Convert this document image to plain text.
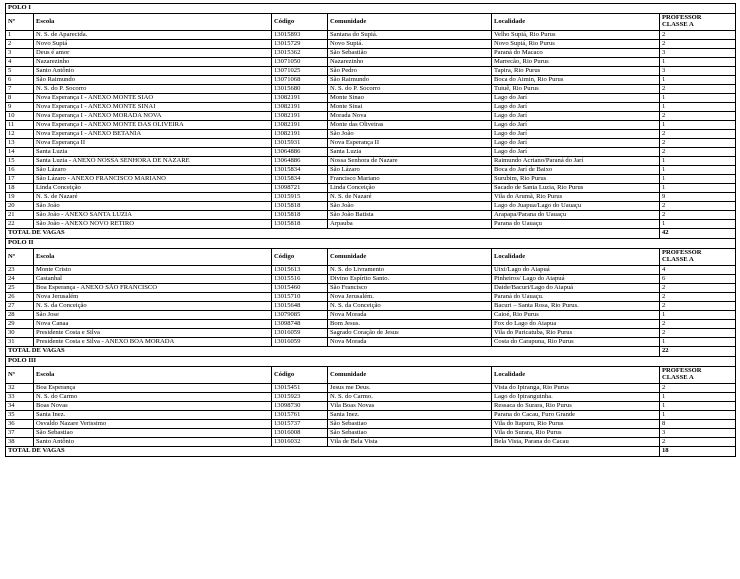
POLO I					
Nº	Escola	Código	Comunidade	Localidade	PROFESSOR
CLASSE A
1	N. S. de Aparecida.	13015893	Santana do Supiá.	Velho Supiá, Rio Purus	2
2	Novo Supiá	13015729	Novo Supiá.	Novo Supiá, Rio Purus	2
3	Deus é amor	13015362	São Sebastião	Paraná do Macaco	3
4	Nazarezinho	13071050	Nazarezinho	Marrecão, Rio Purus	1
5	Santo Antônio	13071025	São Pedro	Tapira, Rio Purus	3
6	São Raimundo	13071068	São Raimundo	Boca do Aimin, Rio Purus	1
7	N. S. do P. Socorro	13015680	N. S. do P. Socorro	Tuiuê, Rio Purus	2
8	Nova Esperança I - ANEXO MONTE SIAO	13082191	Monte Sinao	Lago do Jarí	1
9	Nova Esperança I - ANEXO MONTE SINAI	13082191	Monte Sinai	Lago do Jarí	1
10	Nova Esperança I - ANEXO MORADA NOVA	13082191	Morada Nova	Lago do Jarí	2
11	Nova Esperança I - ANEXO MONTE DAS OLIVEIRA	13082191	Monte das Oliveiras	Lago do Jarí	1
12	Nova Esperança I - ANEXO BETANIA	13082191	São João	Lago do Jarí	2
13	Nova Esperança II	13015931	Nova Esperança II	Lago do Jarí	2
14	Santa Luzia	13064886	Santa Luzia	Lago do Jarí	2
15	Santa Luzia - ANEXO NOSSA SENHORA DE NAZARE	13064886	Nossa Senhora de Nazare	Raimundo Acriano/Paraná do Jarí	1
16	São Lázaro	13015834	São Lázaro	Boca do Jarí de Baixo	1
17	São Lázaro - ANEXO FRANCISCO MARIANO	13015834	Francisco Mariano	Surubim, Rio Purus	1
18	Linda Conceição	13098721	Linda Conceição	Sacado de Santa Luzia, Rio Purus	1
19	N. S. de Nazaré	13015915	N. S. de Nazaré	Vila do Arumã, Rio Purus	9
20	São João	13015818	São João	Lago do Juapua/Lago do Uauaçu	2
21	São João - ANEXO SANTA LUZIA	13015818	São João Batista	Arapapa/Parana do Uauaçu	2
22	São João - ANEXO NOVO RETIRO	13015818	Arpauba	Parana do Uauaçu	1
TOTAL DE VAGAS					42
POLO II					
Nº	Escola	Código	Comunidade	Localidade	PROFESSOR
CLASSE A
23	Monte Cristo	13015613	N. S. do Livramento	Uixi/Lago do Aiapuá	4
24	Castanhal	13015516	Divino Espírito Santo.	Pinheiros/ Lago do Aiapuá	6
25	Boa Esperança - ANEXO SÃO FRANCISCO	13015460	São Francisco	Daide/Bacuri/Lago do Aiapuá	2
26	Nova Jerusalém	13015710	Nova Jerusalém.	Paraná do Uauaçu.	2
27	N. S. da Conceição	13015648	N. S. da Conceição	Bacuri – Santa Rosa, Rio Purus.	2
28	São Jose	13079085	Nova Morada	Caioé, Rio Purus	1
29	Nova Canaa	13098748	Bom Jesus.	Fox do Lago do Aiapua	2
30	Presidente Costa e Silva	13016059	Sagrado Coração de Jesus	Vila do Paricatuba, Rio Purus	2
31	Presidente Costa e Silva - ANEXO BOA MORADA	13016059	Nova Morada	Costa do Carapuna, Rio Purus	1
TOTAL DE VAGAS					22
POLO III					
Nº	Escola	Código	Comunidade	Localidade	PROFESSOR
CLASSE A
32	Boa Esperança	13015451	Jesus me Deus.	Vista do Ipiranga, Rio Purus	2
33	N. S. do Carmo	13015923	N. S. do Carmo.	Lago do Ipiranguinha.	1
34	Boas Novas	13098730	Vila Boas Novas	Ressaca do Surara, Rio Purus	1
35	Santa Inez.	13015761	Santa Inez.	Parana do Cacau, Furo Grande	1
36	Osvaldo Nazare Verissimo	13015737	São Sebastiao	Vila do Itapuru, Rio Purus	8
37	São Sebastiao	13016008	São Sebastiao	Vila do Surara, Rio Purus	3
38	Santo Antônio	13016032	Vila de Bela Vista	Bela Vista, Parana do Cacau	2
TOTAL DE VAGAS					18
